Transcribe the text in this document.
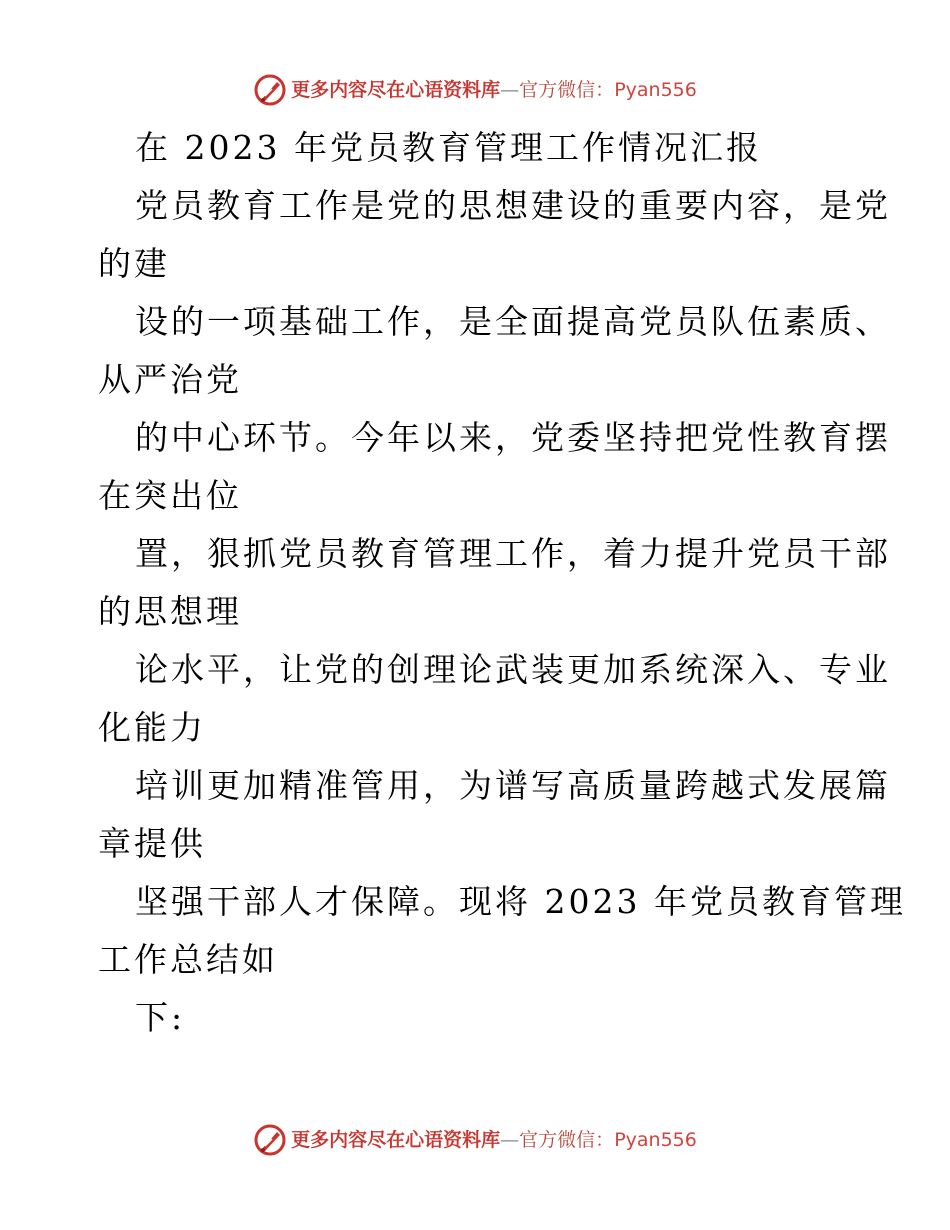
更多内容尽在心语资料库—官方微信：Pyan556
在 2023 年党员教育管理工作情况汇报
党员教育工作是党的思想建设的重要内容，是党
的建
设的一项基础工作，是全面提高党员队伍素质、
从严治党
的中心环节。今年以来，党委坚持把党性教育摆
在突出位
置，狠抓党员教育管理工作，着力提升党员干部
的思想理
论水平，让党的创理论武装更加系统深入、专业
化能力
培训更加精准管用，为谱写高质量跨越式发展篇
章提供
坚强干部人才保障。现将 2023 年党员教育管理
工作总结如
下:
更多内容尽在心语资料库—官方微信：Pyan556
